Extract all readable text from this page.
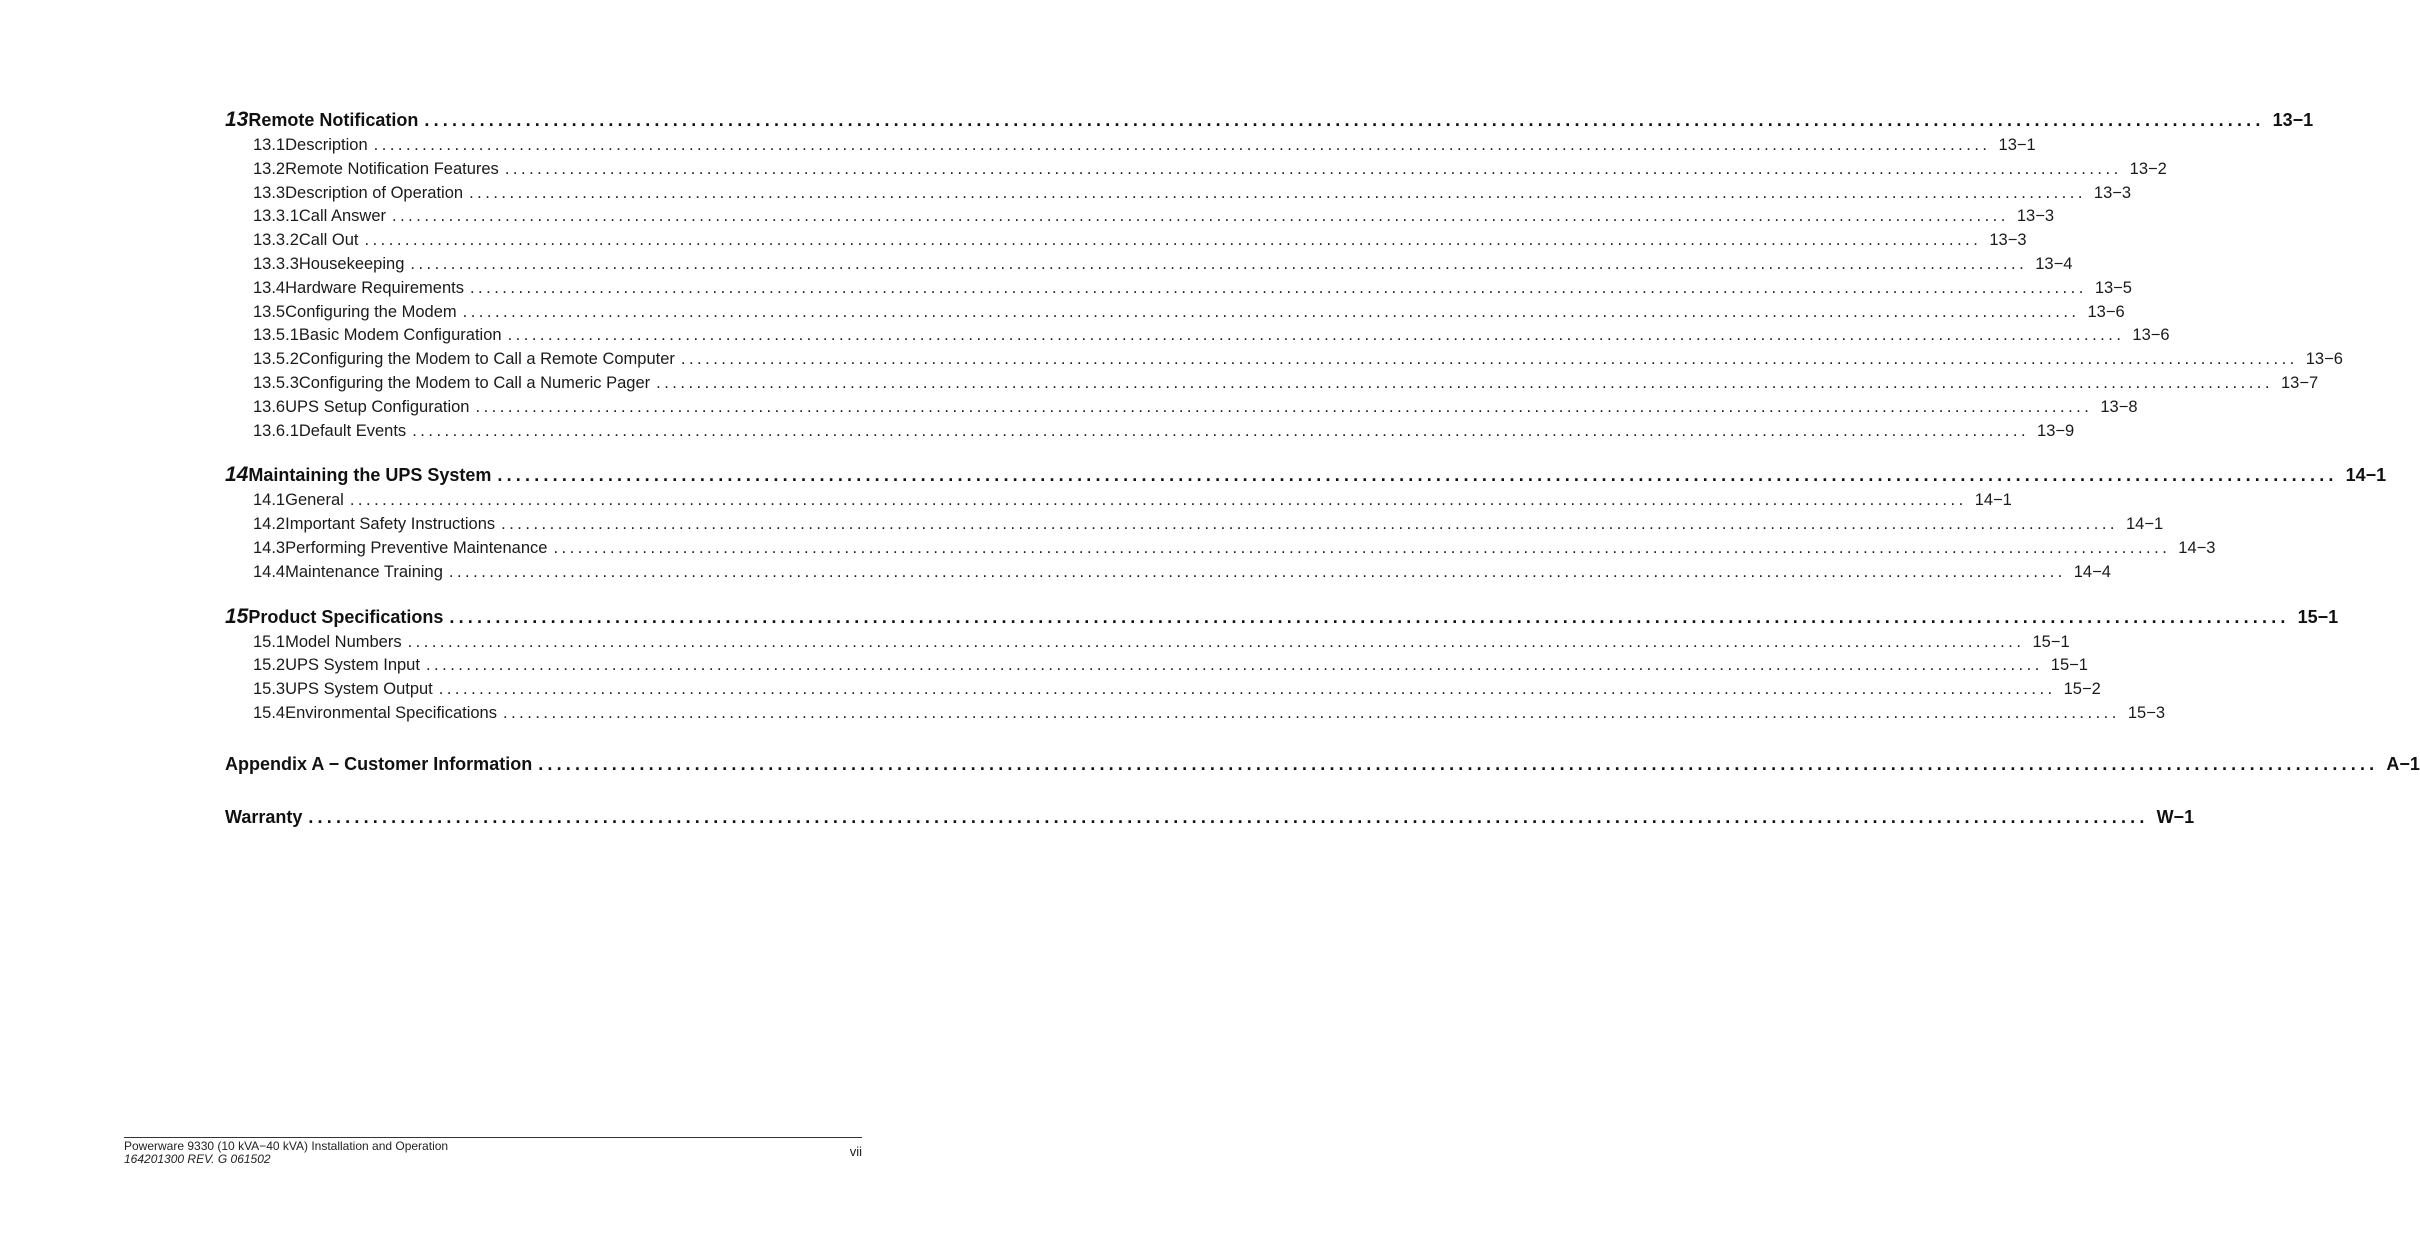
13 Remote Notification ........................................................................................................................................................................................................ 13−1
13.1 Description ........................................................................................................................................................................................................ 13−1
13.2 Remote Notification Features ........................................................................................................................................................................................................ 13−2
13.3 Description of Operation ........................................................................................................................................................................................................ 13−3
13.3.1 Call Answer ........................................................................................................................................................................................................ 13−3
13.3.2 Call Out ........................................................................................................................................................................................................ 13−3
13.3.3 Housekeeping ........................................................................................................................................................................................................ 13−4
13.4 Hardware Requirements ........................................................................................................................................................................................................ 13−5
13.5 Configuring the Modem ........................................................................................................................................................................................................ 13−6
13.5.1 Basic Modem Configuration ........................................................................................................................................................................................................ 13−6
13.5.2 Configuring the Modem to Call a Remote Computer ........................................................................................................................................................................................................ 13−6
13.5.3 Configuring the Modem to Call a Numeric Pager ........................................................................................................................................................................................................ 13−7
13.6 UPS Setup Configuration ........................................................................................................................................................................................................ 13−8
13.6.1 Default Events ........................................................................................................................................................................................................ 13−9
14 Maintaining the UPS System ........................................................................................................................................................................................................ 14−1
14.1 General ........................................................................................................................................................................................................ 14−1
14.2 Important Safety Instructions ........................................................................................................................................................................................................ 14−1
14.3 Performing Preventive Maintenance ........................................................................................................................................................................................................ 14−3
14.4 Maintenance Training ........................................................................................................................................................................................................ 14−4
15 Product Specifications ........................................................................................................................................................................................................ 15−1
15.1 Model Numbers ........................................................................................................................................................................................................ 15−1
15.2 UPS System Input ........................................................................................................................................................................................................ 15−1
15.3 UPS System Output ........................................................................................................................................................................................................ 15−2
15.4 Environmental Specifications ........................................................................................................................................................................................................ 15−3
Appendix A − Customer Information ........................................................................................................................................................................................................ A−1
Warranty ........................................................................................................................................................................................................ W−1
Powerware 9330 (10 kVA−40 kVA) Installation and Operation
164201300 REV. G 061502	vii
